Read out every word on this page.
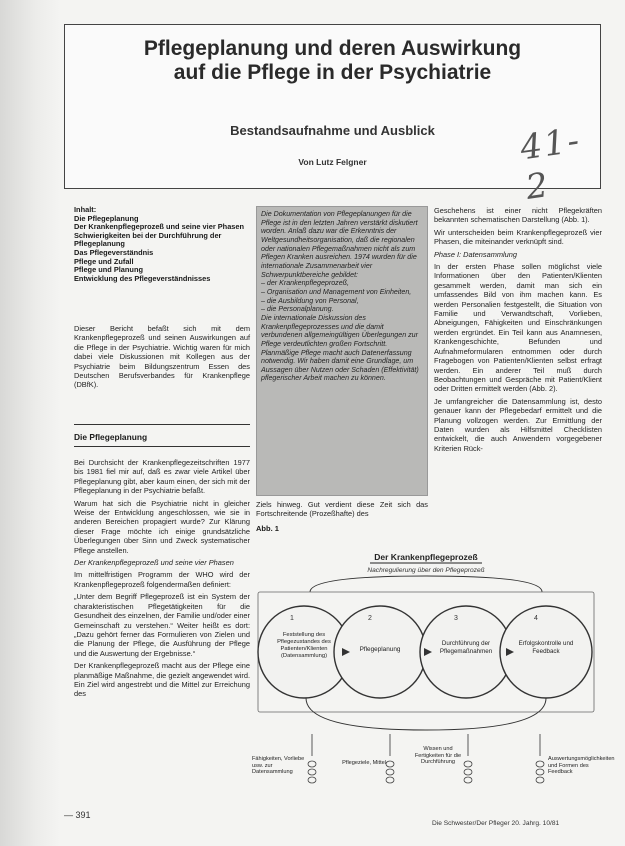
Pflegeplanung und deren Auswirkung
auf die Pflege in der Psychiatrie
Bestandsaufnahme und Ausblick
Von Lutz Felgner	41-2
Inhalt:
Die Pflegeplanung
Der Krankenpflegeprozeß und seine vier Phasen
Schwierigkeiten bei der Durchführung der Pflegeplanung
Das Pflegeverständnis
Pflege und Zufall
Pflege und Planung
Entwicklung des Pflegeverständnisses

Dieser Bericht befaßt sich mit dem Krankenpflegeprozeß und seinen Auswirkungen auf die Pflege in der Psychiatrie. Wichtig waren für mich dabei viele Diskussionen mit Kollegen aus der Psychiatrie beim Bildungszentrum Essen des Deutschen Berufsverbandes für Krankenpflege (DBfK).

Die Pflegeplanung

Bei Durchsicht der Krankenpflegezeitschriften 1977 bis 1981 fiel mir auf, daß es zwar viele Artikel über Pflegeplanung gibt, aber kaum einen, der sich mit der Pflegeplanung in der Psychiatrie befaßt.

Warum hat sich die Psychiatrie nicht in gleicher Weise der Entwicklung angeschlossen, wie sie in anderen Bereichen propagiert wurde? Zur Klärung dieser Frage möchte ich einige grundsätzliche Überlegungen über Sinn und Zweck systematischer Pflege anstellen.

Der Krankenpflegeprozeß und seine vier Phasen

Im mittelfristigen Programm der WHO wird der Krankenpflegeprozeß folgendermaßen definiert:

„Unter dem Begriff Pflegeprozeß ist ein System der charakteristischen Pflegetätigkeiten für die Gesundheit des einzelnen, der Familie und/oder einer Gemeinschaft zu verstehen.“ Weiter heißt es dort: „Dazu gehört ferner das Formulieren von Zielen und die Planung der Pflege, die Ausführung der Pflege und die Auswertung der Ergebnisse.“

Der Krankenpflegeprozeß macht aus der Pflege eine planmäßige Maßnahme, die gezielt angewendet wird. Ein Ziel wird angestrebt und die Mittel zur Erreichung des

Die Dokumentation von Pflegeplanungen für die Pflege ist in den letzten Jahren verstärkt diskutiert worden. Anlaß dazu war die Erkenntnis der Weltgesundheitsorganisation, daß die regionalen oder nationalen Pflegemaßnahmen nicht als zum Pflegen Kranken ausreichen. 1974 wurden für die internationale Zusammenarbeit vier Schwerpunktbereiche gebildet:
– der Krankenpflegeprozeß,
– Organisation und Management von Einheiten,
– die Ausbildung von Personal,
– die Personalplanung.
Die internationale Diskussion des Krankenpflegeprozesses und die damit verbundenen allgemeingültigen Überlegungen zur Pflege verdeutlichten großen Fortschritt. Planmäßige Pflege macht auch Datenerfassung notwendig. Wir haben damit eine Grundlage, um Aussagen über Nutzen oder Schaden (Effektivität) pflegerischer Arbeit machen zu können.

Ziels hinweg. Gut verdient diese Zeit sich das Fortschreitende (Prozeßhafte) des

Geschehens ist einer nicht Pflegekräften bekannten schematischen Darstellung (Abb. 1).

Wir unterscheiden beim Krankenpflegeprozeß vier Phasen, die miteinander verknüpft sind.

Phase I: Datensammlung

In der ersten Phase sollen möglichst viele Informationen über den Patienten/Klienten gesammelt werden, damit man sich ein umfassendes Bild von ihm machen kann. Es werden Personalien festgestellt, die Situation von Familie und Verwandtschaft, Vorlieben, Abneigungen, Fähigkeiten und Einschränkungen werden ergründet. Ein Teil kann aus Anamnesen, Krankengeschichte, Befunden und Aufnahmeformularen entnommen oder durch Fragebogen von Patienten/Klienten selbst erfragt werden. Ein anderer Teil muß durch Beobachtungen und Gespräche mit Patient/Klient oder Dritten ermittelt werden (Abb. 2).

Je umfangreicher die Datensammlung ist, desto genauer kann der Pflegebedarf ermittelt und die Planung vollzogen werden. Zur Ermittlung der Daten wurden als Hilfsmittel Checklisten entwickelt, die auch Anwendern vorgegebener Kriterien Rück-

Abb. 1
Der Krankenpflegeprozeß
Nachregulierung über den Pflegeprozeß
1	2	3	4
Feststellung des Pflegezustandes des Patienten/Klienten (Datensammlung)
Pflegeplanung
Durchführung der Pflegemaßnahmen
Erfolgskontrolle und Feedback
Fähigkeiten, Vorliebe usw. zur Datensammlung
Pflegeziele, Mittel
Wissen und Fertigkeiten für die Durchführung
Auswertungsmöglichkeiten und Formen des Feedback
— 391
Die Schwester/Der Pfleger 20. Jahrg. 10/81
